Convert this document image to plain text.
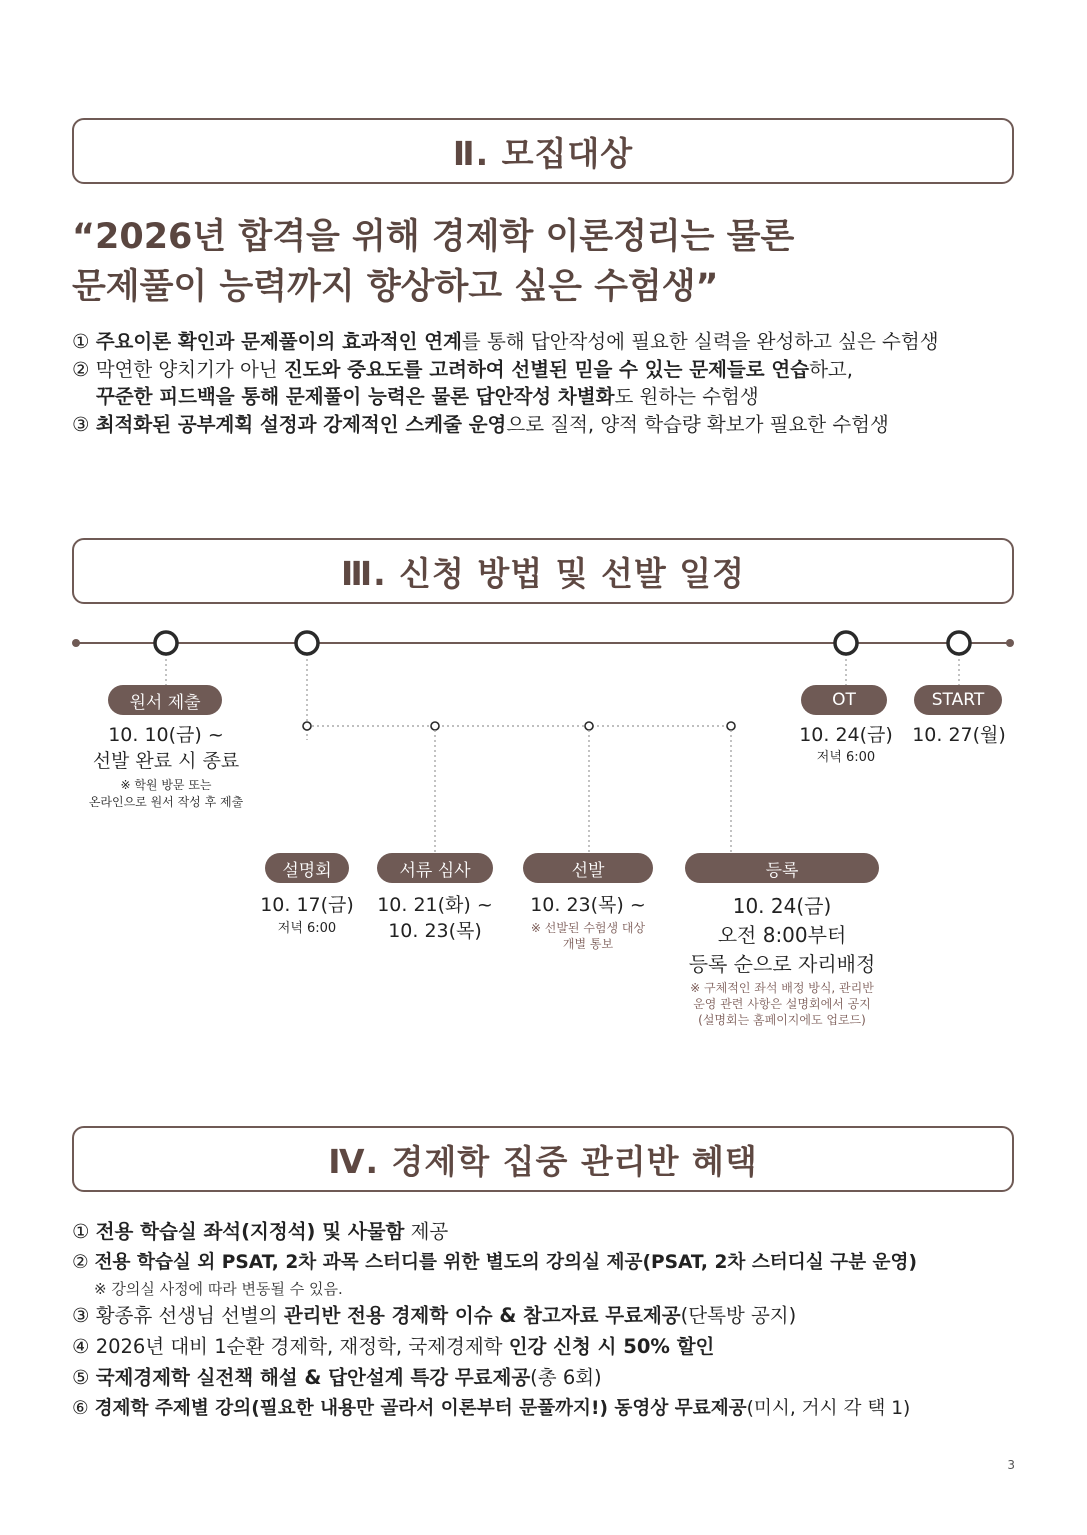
Ⅱ. 모집대상
“2026년 합격을 위해 경제학 이론정리는 물론
문제풀이 능력까지 향상하고 싶은 수험생”
① 주요이론 확인과 문제풀이의 효과적인 연계를 통해 답안작성에 필요한 실력을 완성하고 싶은 수험생
② 막연한 양치기가 아닌 진도와 중요도를 고려하여 선별된 믿을 수 있는 문제들로 연습하고,
꾸준한 피드백을 통해 문제풀이 능력은 물론 답안작성 차별화도 원하는 수험생
③ 최적화된 공부계획 설정과 강제적인 스케줄 운영으로 질적, 양적 학습량 확보가 필요한 수험생
Ⅲ. 신청 방법 및 선발 일정
원서 제출
10. 10(금) ~
선발 완료 시 종료
※ 학원 방문 또는
온라인으로 원서 작성 후 제출
OT
10. 24(금)
저녁 6:00
START
10. 27(월)
설명회
10. 17(금)
저녁 6:00
서류 심사
10. 21(화) ~
10. 23(목)
선발
10. 23(목) ~
※ 선발된 수험생 대상
개별 통보
등록
10. 24(금)
오전 8:00부터
등록 순으로 자리배정
※ 구체적인 좌석 배정 방식, 관리반
운영 관련 사항은 설명회에서 공지
(설명회는 홈페이지에도 업로드)
Ⅳ. 경제학 집중 관리반 혜택
① 전용 학습실 좌석(지정석) 및 사물함 제공
② 전용 학습실 외 PSAT, 2차 과목 스터디를 위한 별도의 강의실 제공(PSAT, 2차 스터디실 구분 운영)
※ 강의실 사정에 따라 변동될 수 있음.
③ 황종휴 선생님 선별의 관리반 전용 경제학 이슈 & 참고자료 무료제공(단톡방 공지)
④ 2026년 대비 1순환 경제학, 재정학, 국제경제학 인강 신청 시 50% 할인
⑤ 국제경제학 실전책 해설 & 답안설계 특강 무료제공(총 6회)
⑥ 경제학 주제별 강의(필요한 내용만 골라서 이론부터 문풀까지!) 동영상 무료제공(미시, 거시 각 택 1)
3
